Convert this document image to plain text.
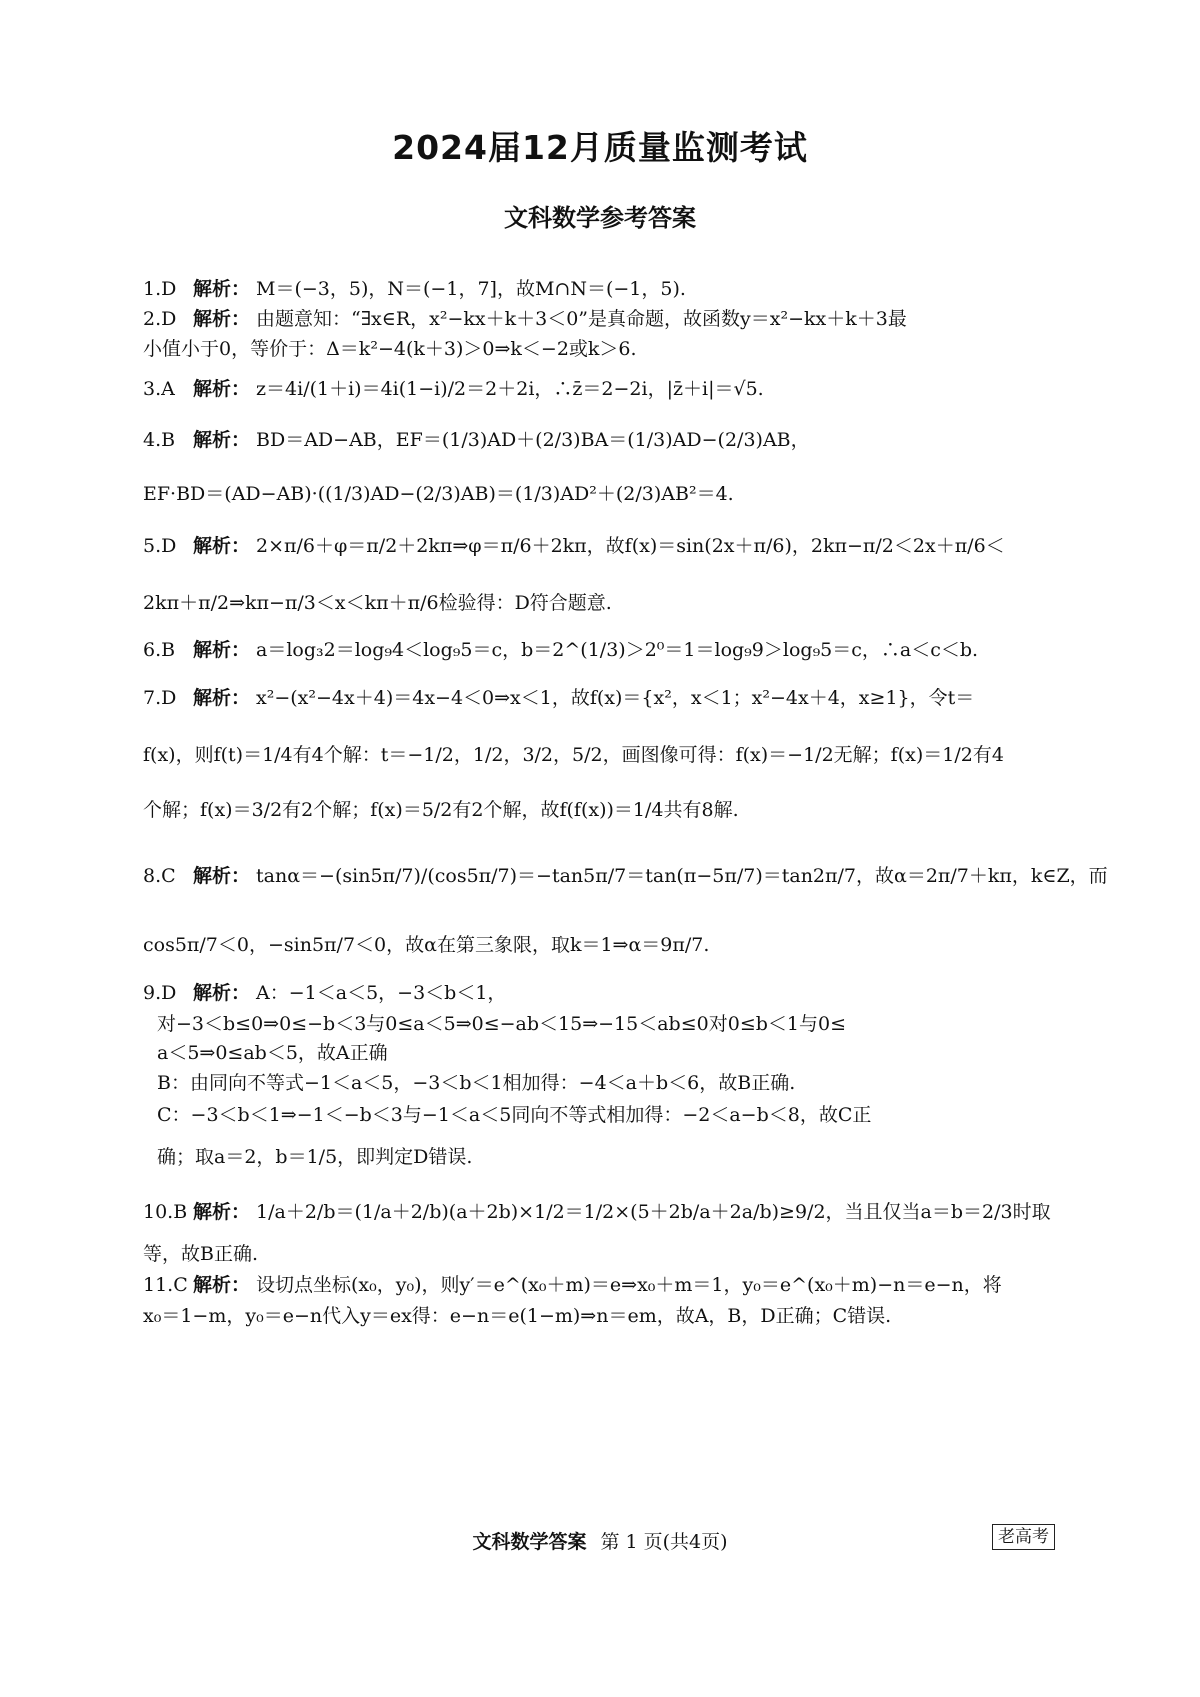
2024届12月质量监测考试
文科数学参考答案
1.D 解析： M＝(−3，5)，N＝(−1，7]，故M∩N＝(−1，5).
2.D 解析： 由题意知：“∃x∈R，x²−kx＋k＋3＜0”是真命题，故函数y＝x²−kx＋k＋3最
小值小于0，等价于：Δ＝k²−4(k＋3)＞0⇒k＜−2或k＞6.
3.A 解析： z＝4i/(1＋i)＝4i(1−i)/2＝2＋2i，∴z̄＝2−2i，|z̄＋i|＝√5.
4.B 解析： BD＝AD−AB，EF＝(1/3)AD＋(2/3)BA＝(1/3)AD−(2/3)AB，
EF·BD＝(AD−AB)·((1/3)AD−(2/3)AB)＝(1/3)AD²＋(2/3)AB²＝4.
5.D 解析： 2×π/6＋φ＝π/2＋2kπ⇒φ＝π/6＋2kπ，故f(x)＝sin(2x＋π/6)，2kπ−π/2＜2x＋π/6＜
2kπ＋π/2⇒kπ−π/3＜x＜kπ＋π/6检验得：D符合题意.
6.B 解析： a＝log₃2＝log₉4＜log₉5＝c，b＝2^(1/3)＞2⁰＝1＝log₉9＞log₉5＝c，∴a＜c＜b.
7.D 解析： x²−(x²−4x＋4)＝4x−4＜0⇒x＜1，故f(x)＝{x²，x＜1；x²−4x＋4，x≥1}，令t＝
f(x)，则f(t)＝1/4有4个解：t＝−1/2，1/2，3/2，5/2，画图像可得：f(x)＝−1/2无解；f(x)＝1/2有4
个解；f(x)＝3/2有2个解；f(x)＝5/2有2个解，故f(f(x))＝1/4共有8解.
8.C 解析： tanα＝−(sin5π/7)/(cos5π/7)＝−tan5π/7＝tan(π−5π/7)＝tan2π/7，故α＝2π/7＋kπ，k∈Z，而
cos5π/7＜0，−sin5π/7＜0，故α在第三象限，取k＝1⇒α＝9π/7.
9.D 解析： A：−1＜a＜5，−3＜b＜1，
对−3＜b≤0⇒0≤−b＜3与0≤a＜5⇒0≤−ab＜15⇒−15＜ab≤0对0≤b＜1与0≤
a＜5⇒0≤ab＜5，故A正确
B：由同向不等式−1＜a＜5，−3＜b＜1相加得：−4＜a＋b＜6，故B正确.
C：−3＜b＜1⇒−1＜−b＜3与−1＜a＜5同向不等式相加得：−2＜a−b＜8，故C正
确；取a＝2，b＝1/5，即判定D错误.
10.B 解析： 1/a＋2/b＝(1/a＋2/b)(a＋2b)×1/2＝1/2×(5＋2b/a＋2a/b)≥9/2，当且仅当a＝b＝2/3时取
等，故B正确.
11.C 解析： 设切点坐标(x₀，y₀)，则y′＝e^(x₀＋m)＝e⇒x₀＋m＝1，y₀＝e^(x₀＋m)−n＝e−n，将
x₀＝1−m，y₀＝e−n代入y＝ex得：e−n＝e(1−m)⇒n＝em，故A，B，D正确；C错误.
文科数学答案 第 1 页(共4页)	老高考
